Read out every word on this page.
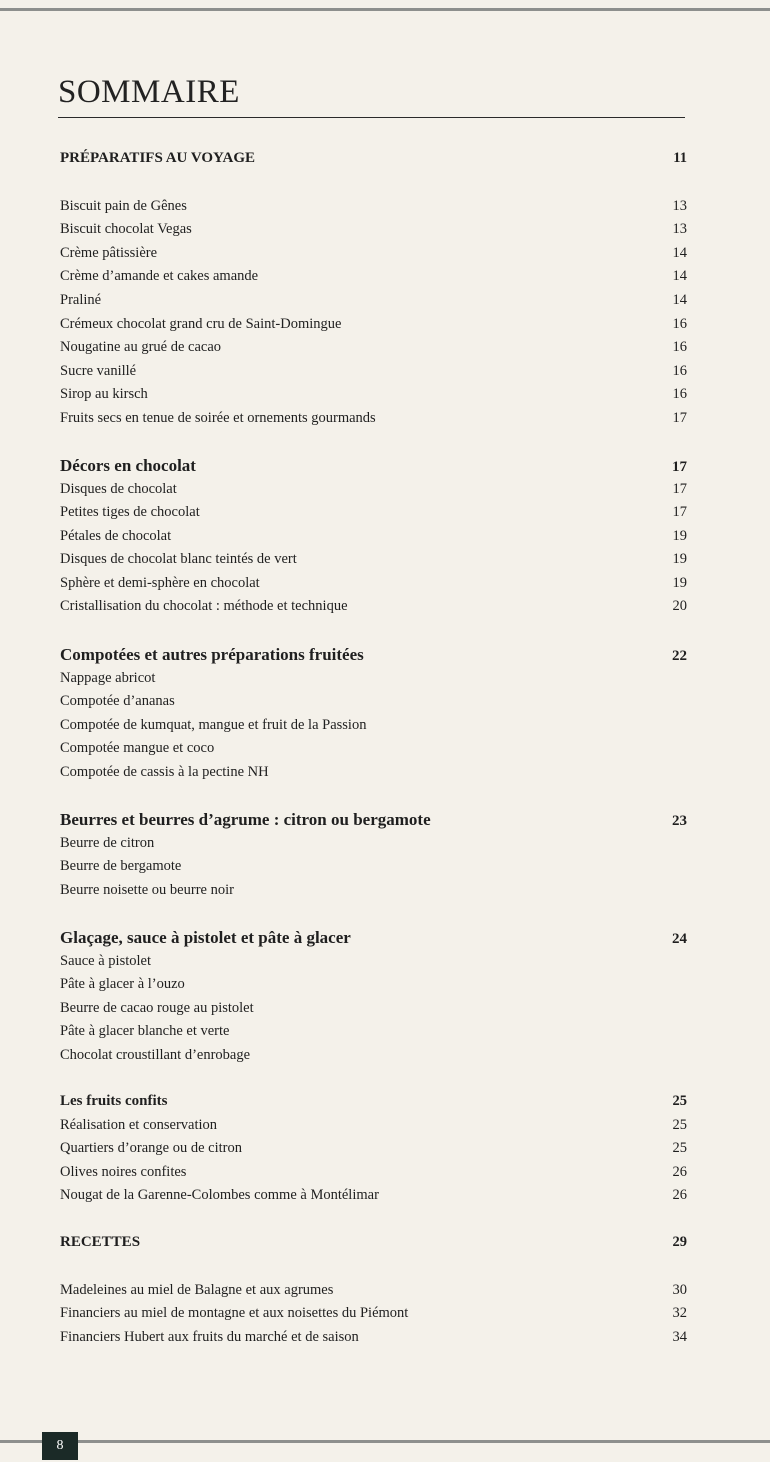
SOMMAIRE
PRÉPARATIFS AU VOYAGE	11
Biscuit pain de Gênes	13
Biscuit chocolat Vegas	13
Crème pâtissière	14
Crème d’amande et cakes amande	14
Praliné	14
Crémeux chocolat grand cru de Saint-Domingue	16
Nougatine au grué de cacao	16
Sucre vanillé	16
Sirop au kirsch	16
Fruits secs en tenue de soirée et ornements gourmands	17
Décors en chocolat	17
Disques de chocolat	17
Petites tiges de chocolat	17
Pétales de chocolat	19
Disques de chocolat blanc teintés de vert	19
Sphère et demi-sphère en chocolat	19
Cristallisation du chocolat : méthode et technique	20
Compotées et autres préparations fruitées	22
Nappage abricot
Compotée d’ananas
Compotée de kumquat, mangue et fruit de la Passion
Compotée mangue et coco
Compotée de cassis à la pectine NH
Beurres et beurres d’agrume : citron ou bergamote	23
Beurre de citron
Beurre de bergamote
Beurre noisette ou beurre noir
Glaçage, sauce à pistolet et pâte à glacer	24
Sauce à pistolet
Pâte à glacer à l’ouzo
Beurre de cacao rouge au pistolet
Pâte à glacer blanche et verte
Chocolat croustillant d’enrobage
Les fruits confits	25
Réalisation et conservation	25
Quartiers d’orange ou de citron	25
Olives noires confites	26
Nougat de la Garenne-Colombes comme à Montélimar	26
RECETTES	29
Madeleines au miel de Balagne et aux agrumes	30
Financiers au miel de montagne et aux noisettes du Piémont	32
Financiers Hubert aux fruits du marché et de saison	34
8
